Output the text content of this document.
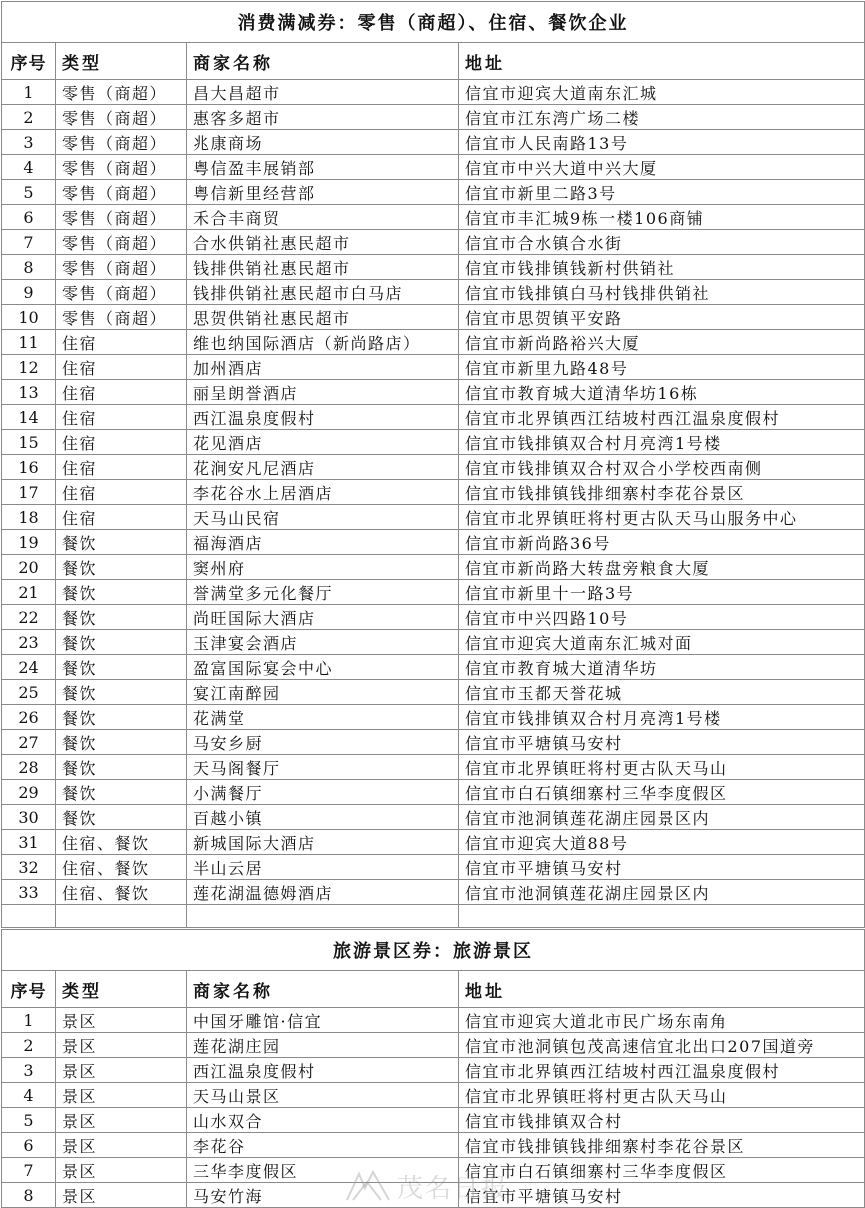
消费满减券：零售（商超）、住宿、餐饮企业			
序号	类型	商家名称	地址
1	零售（商超）	昌大昌超市	信宜市迎宾大道南东汇城
2	零售（商超）	惠客多超市	信宜市江东湾广场二楼
3	零售（商超）	兆康商场	信宜市人民南路13号
4	零售（商超）	粤信盈丰展销部	信宜市中兴大道中兴大厦
5	零售（商超）	粤信新里经营部	信宜市新里二路3号
6	零售（商超）	禾合丰商贸	信宜市丰汇城9栋一楼106商铺
7	零售（商超）	合水供销社惠民超市	信宜市合水镇合水街
8	零售（商超）	钱排供销社惠民超市	信宜市钱排镇钱新村供销社
9	零售（商超）	钱排供销社惠民超市白马店	信宜市钱排镇白马村钱排供销社
10	零售（商超）	思贺供销社惠民超市	信宜市思贺镇平安路
11	住宿	维也纳国际酒店（新尚路店）	信宜市新尚路裕兴大厦
12	住宿	加州酒店	信宜市新里九路48号
13	住宿	丽呈朗誉酒店	信宜市教育城大道清华坊16栋
14	住宿	西江温泉度假村	信宜市北界镇西江结坡村西江温泉度假村
15	住宿	花见酒店	信宜市钱排镇双合村月亮湾1号楼
16	住宿	花涧安凡尼酒店	信宜市钱排镇双合村双合小学校西南侧
17	住宿	李花谷水上居酒店	信宜市钱排镇钱排细寨村李花谷景区
18	住宿	天马山民宿	信宜市北界镇旺将村更古队天马山服务中心
19	餐饮	福海酒店	信宜市新尚路36号
20	餐饮	窦州府	信宜市新尚路大转盘旁粮食大厦
21	餐饮	誉满堂多元化餐厅	信宜市新里十一路3号
22	餐饮	尚旺国际大酒店	信宜市中兴四路10号
23	餐饮	玉津宴会酒店	信宜市迎宾大道南东汇城对面
24	餐饮	盈富国际宴会中心	信宜市教育城大道清华坊
25	餐饮	宴江南醉园	信宜市玉都天誉花城
26	餐饮	花满堂	信宜市钱排镇双合村月亮湾1号楼
27	餐饮	马安乡厨	信宜市平塘镇马安村
28	餐饮	天马阁餐厅	信宜市北界镇旺将村更古队天马山
29	餐饮	小满餐厅	信宜市白石镇细寨村三华李度假区
30	餐饮	百越小镇	信宜市池洞镇莲花湖庄园景区内
31	住宿、餐饮	新城国际大酒店	信宜市迎宾大道88号
32	住宿、餐饮	半山云居	信宜市平塘镇马安村
33	住宿、餐饮	莲花湖温德姆酒店	信宜市池洞镇莲花湖庄园景区内

旅游景区券：旅游景区			
序号	类型	商家名称	地址
1	景区	中国牙雕馆·信宜	信宜市迎宾大道北市民广场东南角
2	景区	莲花湖庄园	信宜市池洞镇包茂高速信宜北出口207国道旁
3	景区	西江温泉度假村	信宜市北界镇西江结坡村西江温泉度假村
4	景区	天马山景区	信宜市北界镇旺将村更古队天马山
5	景区	山水双合	信宜市钱排镇双合村
6	景区	李花谷	信宜市钱排镇钱排细寨村李花谷景区
7	景区	三华李度假区	信宜市白石镇细寨村三华李度假区
8	景区	马安竹海	信宜市平塘镇马安村
茂名日报
